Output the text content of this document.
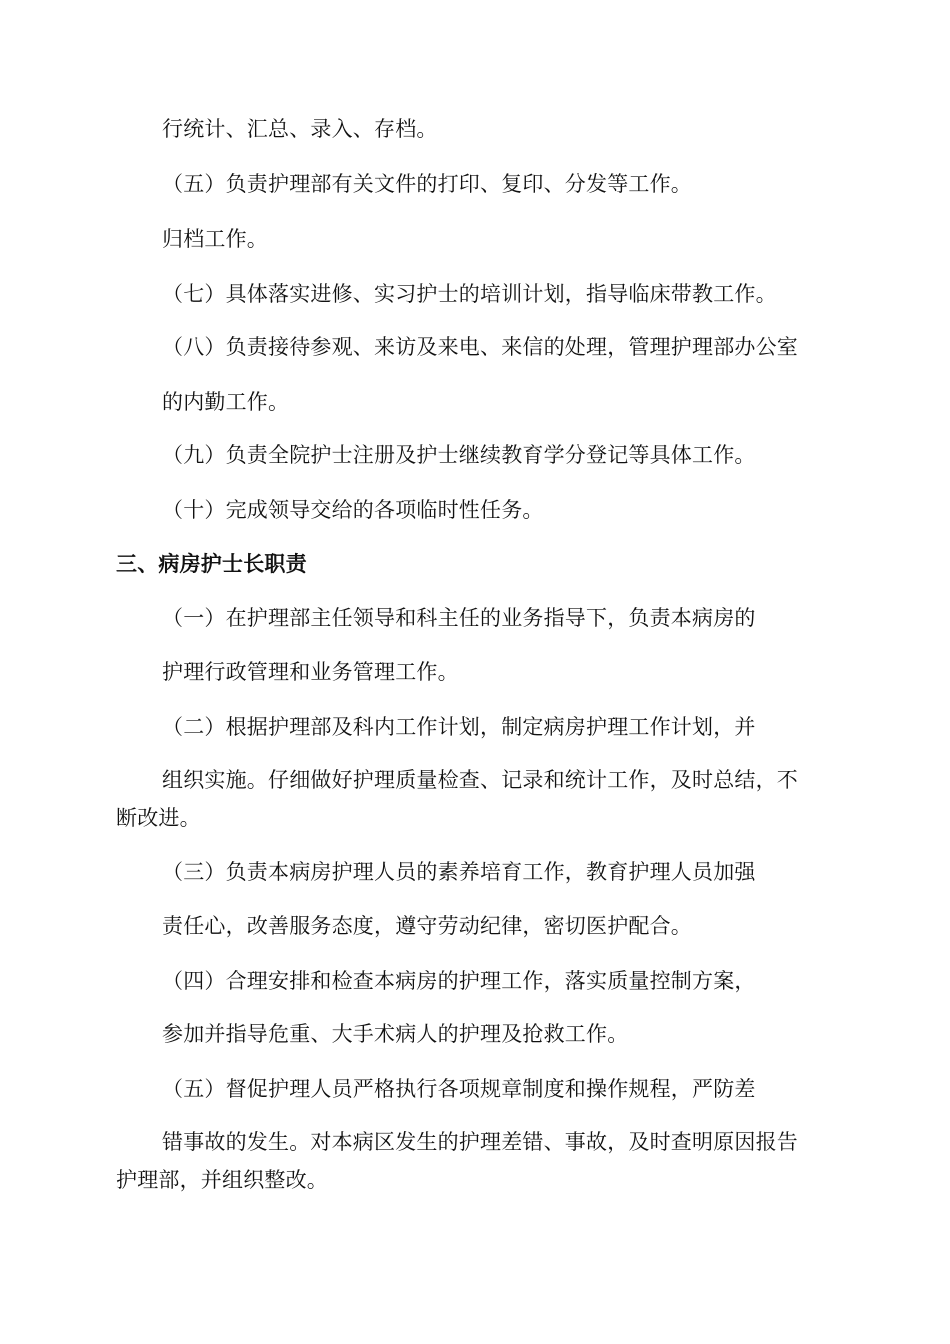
行统计、汇总、录入、存档。
（五）负责护理部有关文件的打印、复印、分发等工作。
归档工作。
（七）具体落实进修、实习护士的培训计划，指导临床带教工作。
（八）负责接待参观、来访及来电、来信的处理，管理护理部办公室
的内勤工作。
（九）负责全院护士注册及护士继续教育学分登记等具体工作。
（十）完成领导交给的各项临时性任务。
三、病房护士长职责
（一）在护理部主任领导和科主任的业务指导下，负责本病房的
护理行政管理和业务管理工作。
（二）根据护理部及科内工作计划，制定病房护理工作计划，并
组织实施。仔细做好护理质量检查、记录和统计工作，及时总结，不
断改进。
（三）负责本病房护理人员的素养培育工作，教育护理人员加强
责任心，改善服务态度，遵守劳动纪律，密切医护配合。
（四）合理安排和检查本病房的护理工作，落实质量控制方案，
参加并指导危重、大手术病人的护理及抢救工作。
（五）督促护理人员严格执行各项规章制度和操作规程，严防差
错事故的发生。对本病区发生的护理差错、事故，及时查明原因报告
护理部，并组织整改。
